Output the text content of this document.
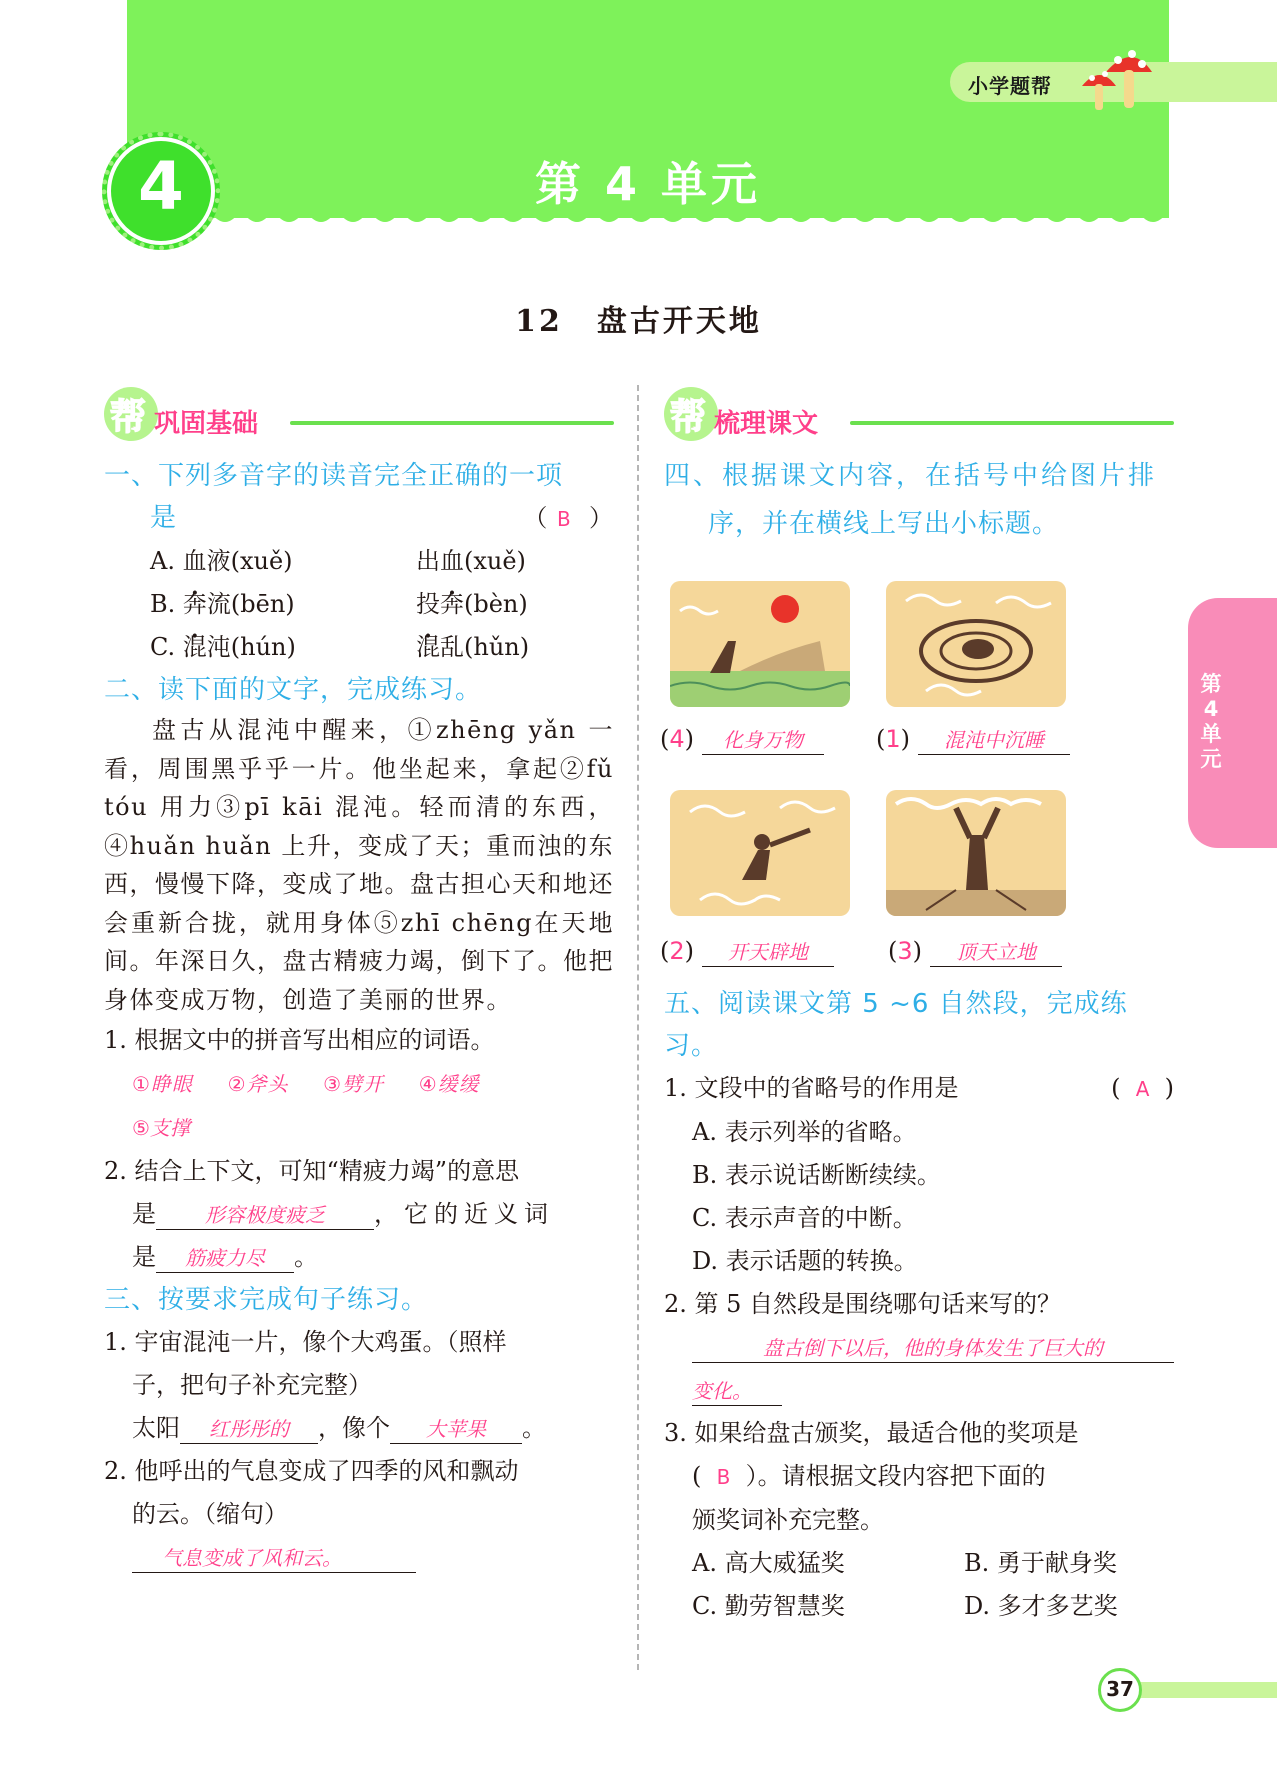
小学题帮
4	第 4 单元
12 盘古开天地
第4单元
帮 巩固基础
一、下列多音字的读音完全正确的一项
是	（ B ）
A. 血液(xuě)	出血(xuě)
B. 奔流(bēn)	投奔(bèn)
C. 混沌(hún)	混乱(hǔn)
二、读下面的文字，完成练习。

盘古从混沌中醒来，①zhēng yǎn 一看，周围黑乎乎一片。他坐起来，拿起②fǔ tóu 用力③pī kāi 混沌。轻而清的东西，④huǎn huǎn 上升，变成了天；重而浊的东西，慢慢下降，变成了地。盘古担心天和地还会重新合拢，就用身体⑤zhī chēng在天地间。年深日久，盘古精疲力竭，倒下了。他把身体变成万物，创造了美丽的世界。

1. 根据文中的拼音写出相应的词语。
①睁眼 ②斧头 ③劈开 ④缓缓
⑤支撑
2. 结合上下文，可知“精疲力竭”的意思
是 形容极度疲乏 ，它的近义词
是 筋疲力尽 。
三、按要求完成句子练习。
1. 宇宙混沌一片，像个大鸡蛋。（照样
子，把句子补充完整）
太阳 红彤彤的 ，像个 大苹果 。
2. 他呼出的气息变成了四季的风和飘动
的云。（缩句）
气息变成了风和云。
帮 梳理课文
四、根据课文内容，在括号中给图片排
序，并在横线上写出小标题。
(4) 化身万物	(1) 混沌中沉睡
(2) 开天辟地	(3) 顶天立地
五、阅读课文第 5 ~6 自然段，完成练习。
1. 文段中的省略号的作用是	(  A  )
A. 表示列举的省略。
B. 表示说话断断续续。
C. 表示声音的中断。
D. 表示话题的转换。
2. 第 5 自然段是围绕哪句话来写的？
盘古倒下以后，他的身体发生了巨大的
变化。
3. 如果给盘古颁奖，最适合他的奖项是
(  B ）。请根据文段内容把下面的
颁奖词补充完整。
A. 高大威猛奖	B. 勇于献身奖
C. 勤劳智慧奖	D. 多才多艺奖
37
